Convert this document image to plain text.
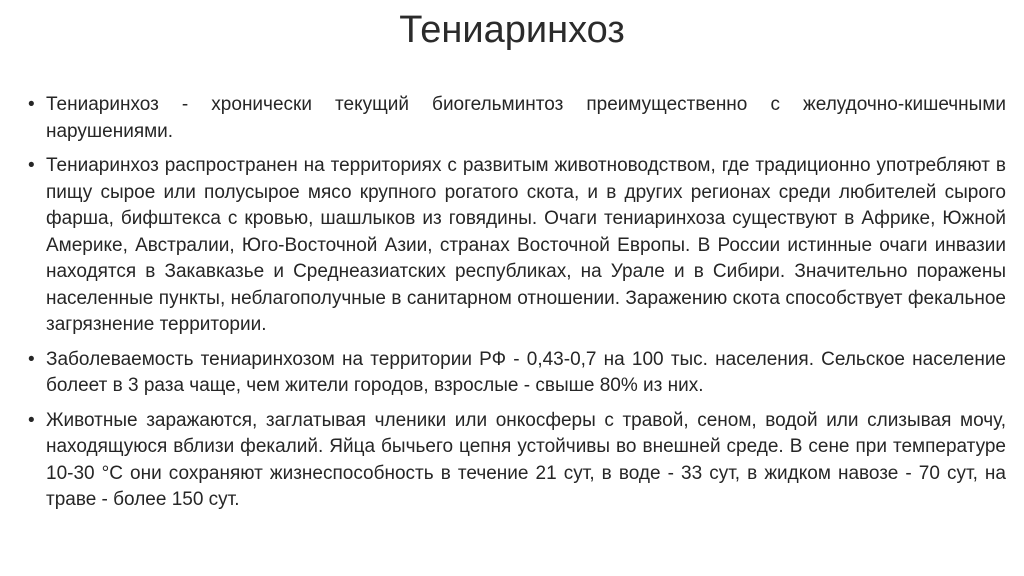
Тениаринхоз
• Тениаринхоз - хронически текущий биогельминтоз преимущественно с желудочно-кишечными нарушениями.
• Тениаринхоз распространен на территориях с развитым животноводством, где традиционно употребляют в пищу сырое или полусырое мясо крупного рогатого скота, и в других регионах среди любителей сырого фарша, бифштекса с кровью, шашлыков из говядины. Очаги тениаринхоза существуют в Африке, Южной Америке, Австралии, Юго-Восточной Азии, странах Восточной Европы. В России истинные очаги инвазии находятся в Закавказье и Среднеазиатских республиках, на Урале и в Сибири. Значительно поражены населенные пункты, неблагополучные в санитарном отношении. Заражению скота способствует фекальное загрязнение территории.
• Заболеваемость тениаринхозом на территории РФ - 0,43-0,7 на 100 тыс. населения. Сельское население болеет в 3 раза чаще, чем жители городов, взрослые - свыше 80% из них.
• Животные заражаются, заглатывая членики или онкосферы с травой, сеном, водой или слизывая мочу, находящуюся вблизи фекалий. Яйца бычьего цепня устойчивы во внешней среде. В сене при температуре 10-30 °С они сохраняют жизнеспособность в течение 21 сут, в воде - 33 сут, в жидком навозе - 70 сут, на траве - более 150 сут.
